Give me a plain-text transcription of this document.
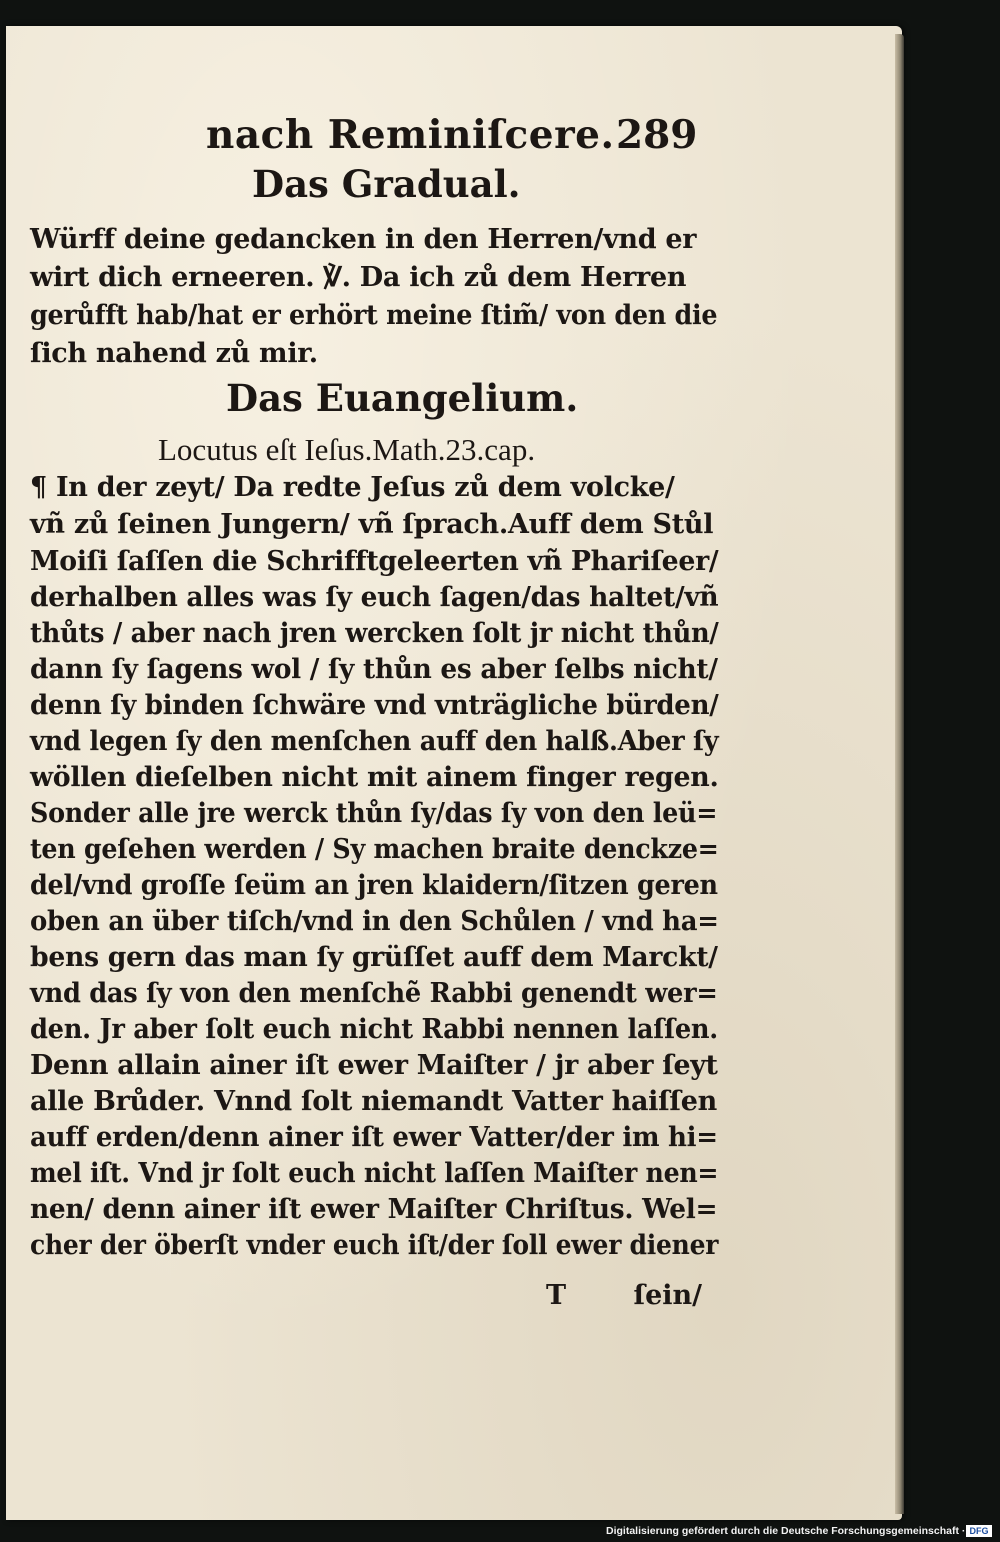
nach Reminiſcere. 289
Das Gradual.
Würff deine gedancken in den Herren/vnd er
wirt dich erneeren. ℣. Da ich zů dem Herren
gerůfft hab/hat er erhört meine ſtim̃/ von den die
ſich nahend zů mir.
Das Euangelium.
Locutus eſt Ieſus.Math.23.cap.
¶ In der zeyt/ Da redte Jeſus zů dem volcke/
vñ zů ſeinen Jungern/ vñ ſprach.Auff dem Stůl
Moiſi ſaſſen die Schrifftgeleerten vñ Phariſeer/
derhalben alles was ſy euch ſagen/das haltet/vñ
thůts / aber nach jren wercken ſolt jr nicht thůn/
dann ſy ſagens wol / ſy thůn es aber ſelbs nicht/
denn ſy binden ſchwäre vnd vnträgliche bürden/
vnd legen ſy den menſchen auff den halß.Aber ſy
wöllen dieſelben nicht mit ainem finger regen.
Sonder alle jre werck thůn ſy/das ſy von den leü=
ten geſehen werden / Sy machen braite denckze=
del/vnd groſſe ſeüm an jren klaidern/ſitzen geren
oben an über tiſch/vnd in den Schůlen / vnd ha=
bens gern das man ſy grüſſet auff dem Marckt/
vnd das ſy von den menſchẽ Rabbi genendt wer=
den. Jr aber ſolt euch nicht Rabbi nennen laſſen.
Denn allain ainer iſt ewer Maiſter / jr aber ſeyt
alle Brůder. Vnnd ſolt niemandt Vatter haiſſen
auff erden/denn ainer iſt ewer Vatter/der im hi=
mel iſt. Vnd jr ſolt euch nicht laſſen Maiſter nen=
nen/ denn ainer iſt ewer Maiſter Chriſtus. Wel=
cher der öberſt vnder euch iſt/der ſoll ewer diener
T ſein/
Digitalisierung gefördert durch die Deutsche Forschungsgemeinschaft · DFG
